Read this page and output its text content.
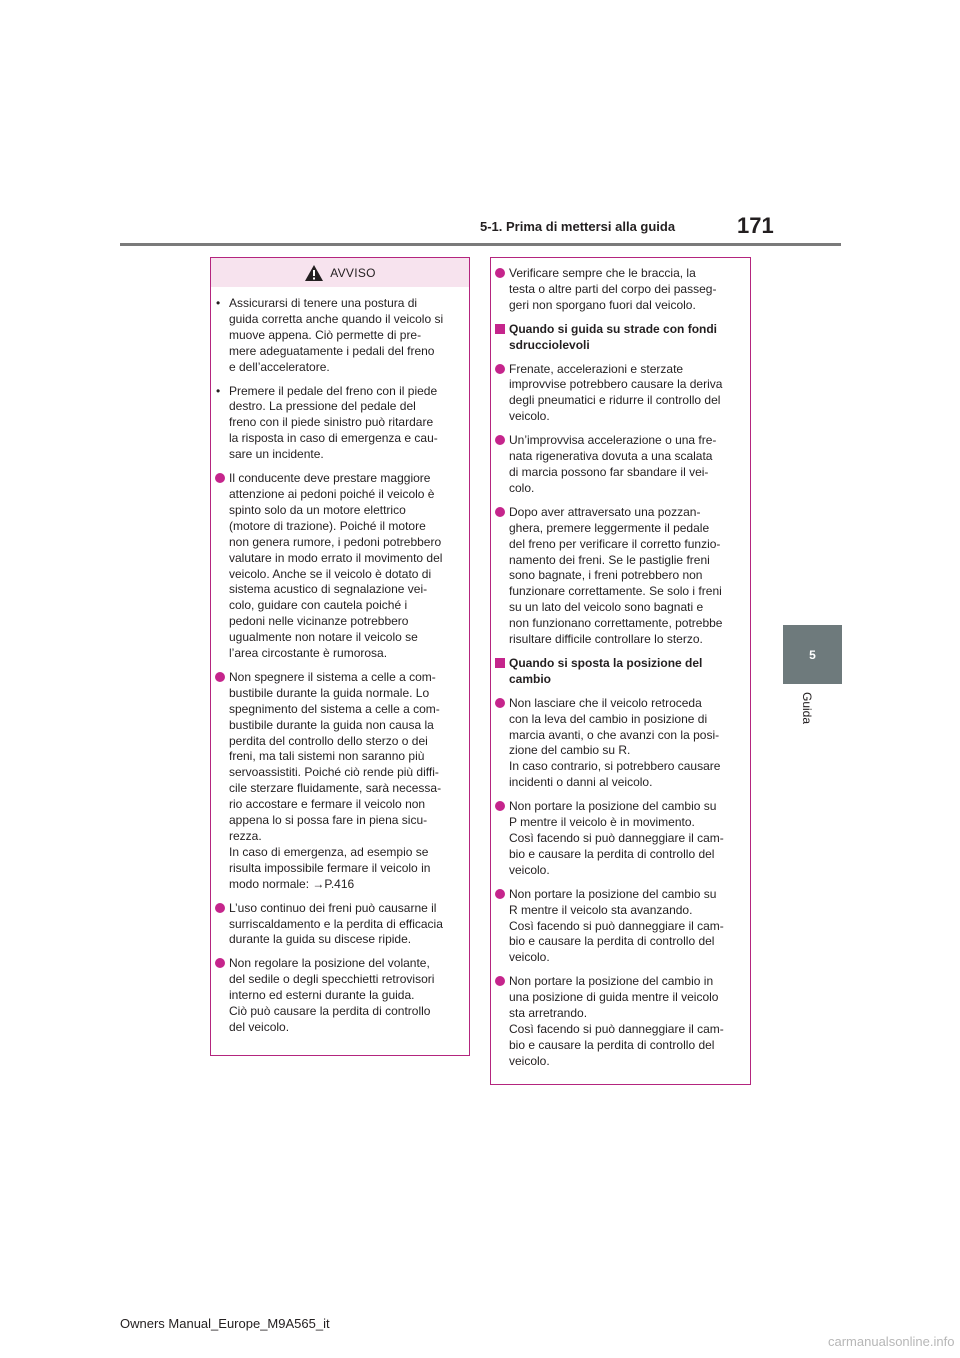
5-1. Prima di mettersi alla guida	171
5
Guida
AVVISO
• Assicurarsi di tenere una postura di
guida corretta anche quando il veicolo si
muove appena. Ciò permette di pre-
mere adeguatamente i pedali del freno
e dell’acceleratore.
• Premere il pedale del freno con il piede
destro. La pressione del pedale del
freno con il piede sinistro può ritardare
la risposta in caso di emergenza e cau-
sare un incidente.
Il conducente deve prestare maggiore
attenzione ai pedoni poiché il veicolo è
spinto solo da un motore elettrico
(motore di trazione). Poiché il motore
non genera rumore, i pedoni potrebbero
valutare in modo errato il movimento del
veicolo. Anche se il veicolo è dotato di
sistema acustico di segnalazione vei-
colo, guidare con cautela poiché i
pedoni nelle vicinanze potrebbero
ugualmente non notare il veicolo se
l’area circostante è rumorosa.
Non spegnere il sistema a celle a com-
bustibile durante la guida normale. Lo
spegnimento del sistema a celle a com-
bustibile durante la guida non causa la
perdita del controllo dello sterzo o dei
freni, ma tali sistemi non saranno più
servoassistiti. Poiché ciò rende più diffi-
cile sterzare fluidamente, sarà necessa-
rio accostare e fermare il veicolo non
appena lo si possa fare in piena sicu-
rezza.
In caso di emergenza, ad esempio se
risulta impossibile fermare il veicolo in
modo normale: →P.416
L’uso continuo dei freni può causarne il
surriscaldamento e la perdita di efficacia
durante la guida su discese ripide.
Non regolare la posizione del volante,
del sedile o degli specchietti retrovisori
interno ed esterni durante la guida.
Ciò può causare la perdita di controllo
del veicolo.
Verificare sempre che le braccia, la
testa o altre parti del corpo dei passeg-
geri non sporgano fuori dal veicolo.
Quando si guida su strade con fondi
sdrucciolevoli
Frenate, accelerazioni e sterzate
improvvise potrebbero causare la deriva
degli pneumatici e ridurre il controllo del
veicolo.
Un’improvvisa accelerazione o una fre-
nata rigenerativa dovuta a una scalata
di marcia possono far sbandare il vei-
colo.
Dopo aver attraversato una pozzan-
ghera, premere leggermente il pedale
del freno per verificare il corretto funzio-
namento dei freni. Se le pastiglie freni
sono bagnate, i freni potrebbero non
funzionare correttamente. Se solo i freni
su un lato del veicolo sono bagnati e
non funzionano correttamente, potrebbe
risultare difficile controllare lo sterzo.
Quando si sposta la posizione del
cambio
Non lasciare che il veicolo retroceda
con la leva del cambio in posizione di
marcia avanti, o che avanzi con la posi-
zione del cambio su R.
In caso contrario, si potrebbero causare
incidenti o danni al veicolo.
Non portare la posizione del cambio su
P mentre il veicolo è in movimento.
Così facendo si può danneggiare il cam-
bio e causare la perdita di controllo del
veicolo.
Non portare la posizione del cambio su
R mentre il veicolo sta avanzando.
Così facendo si può danneggiare il cam-
bio e causare la perdita di controllo del
veicolo.
Non portare la posizione del cambio in
una posizione di guida mentre il veicolo
sta arretrando.
Così facendo si può danneggiare il cam-
bio e causare la perdita di controllo del
veicolo.
Owners Manual_Europe_M9A565_it
carmanualsonline.info
